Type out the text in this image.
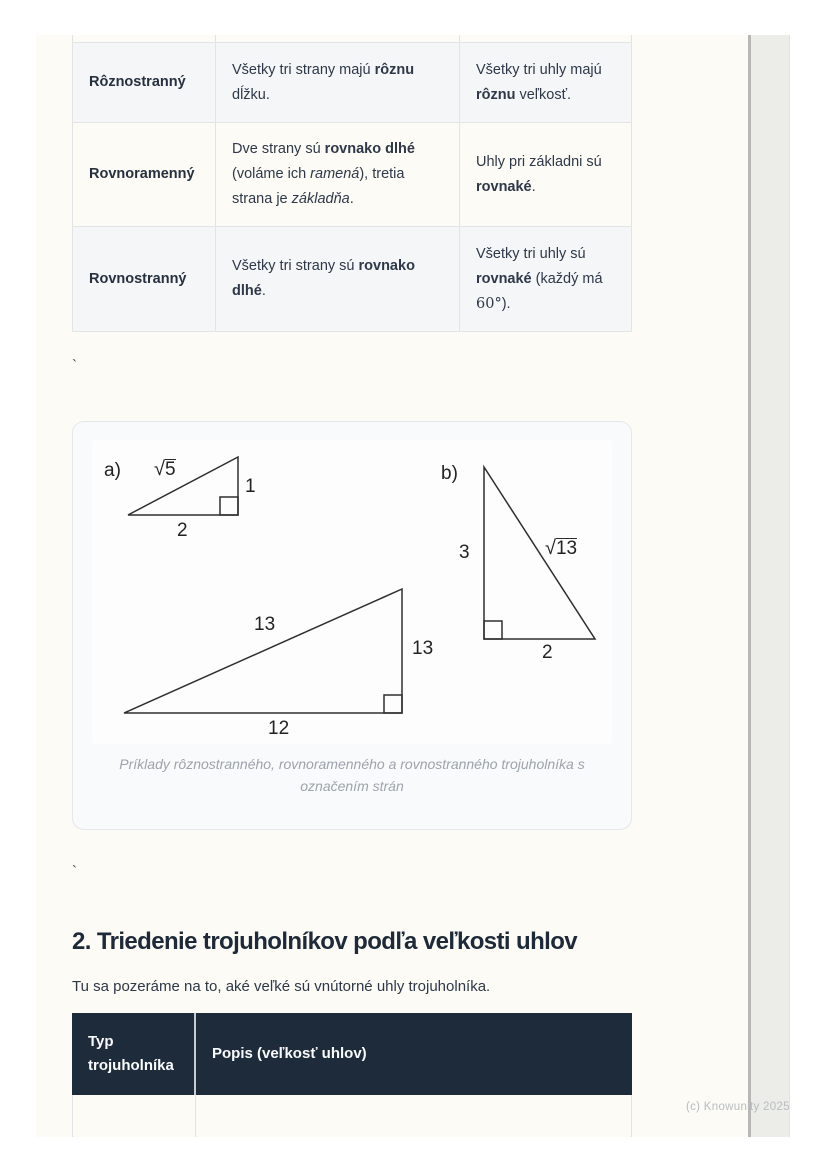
Rôznostranný
Všetky tri strany majú rôznu dĺžku.
Všetky tri uhly majú rôznu veľkosť.
Rovnoramenný
Dve strany sú rovnako dlhé (voláme ich ramená), tretia strana je základňa.
Uhly pri základni sú rovnaké.
Rovnostranný
Všetky tri strany sú rovnako dlhé.
Všetky tri uhly sú rovnaké (každý má 60°).
`
a) √5
1
2
b)
3	√13
2
13
13
12
Príklady rôznostranného, rovnoramenného a rovnostranného trojuholníka s označením strán
`
2. Triedenie trojuholníkov podľa veľkosti uhlov

Tu sa pozeráme na to, aké veľké sú vnútorné uhly trojuholníka.

Typ trojuholníka
Popis (veľkosť uhlov)
(c) Knowunity 2025
